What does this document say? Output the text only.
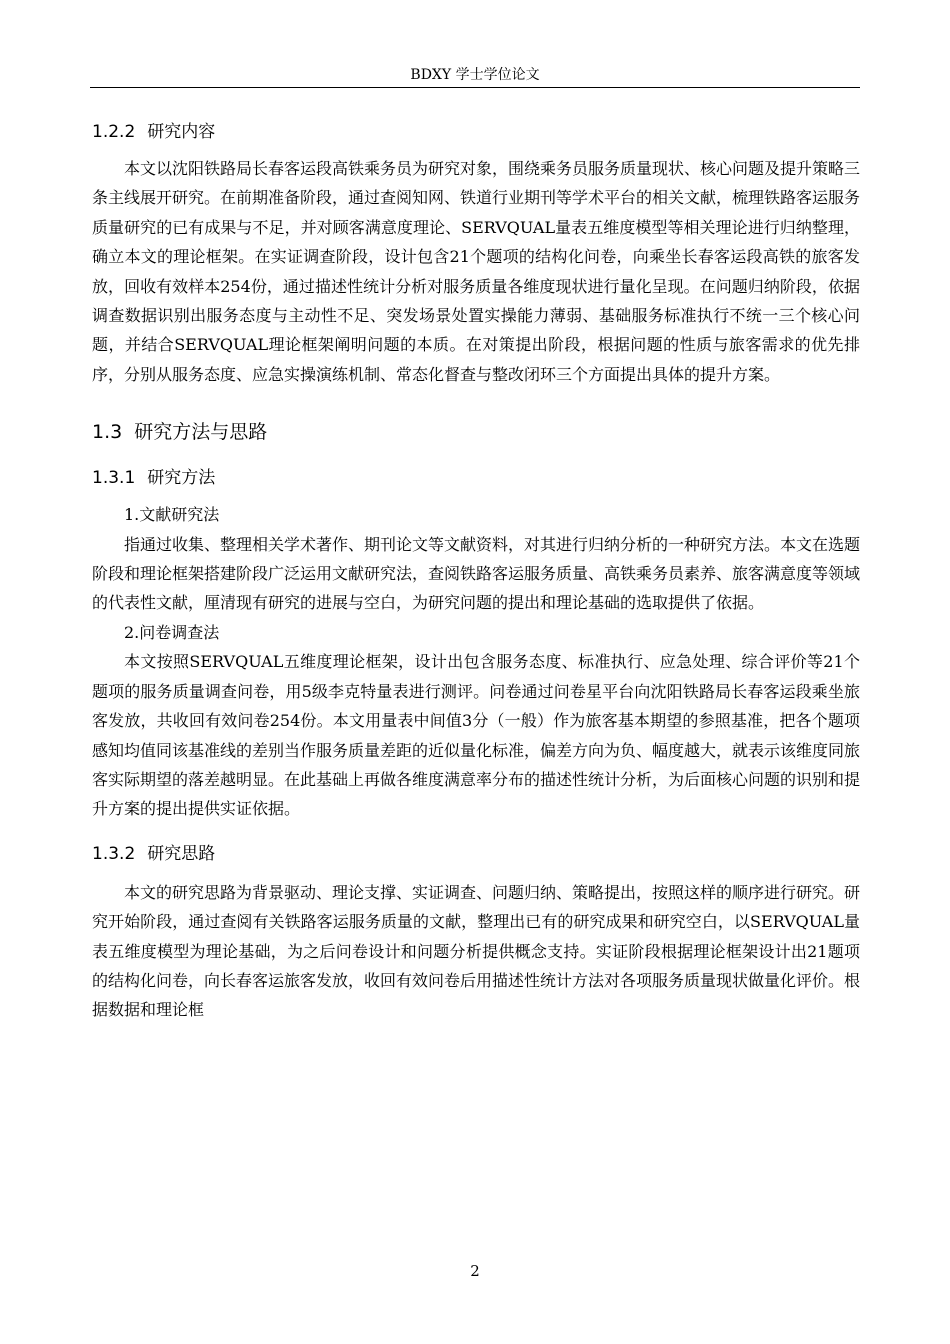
BDXY 学士学位论文
1.2.2 研究内容

本文以沈阳铁路局长春客运段高铁乘务员为研究对象，围绕乘务员服务质量现状、核心问题及提升策略三条主线展开研究。在前期准备阶段，通过查阅知网、铁道行业期刊等学术平台的相关文献，梳理铁路客运服务质量研究的已有成果与不足，并对顾客满意度理论、SERVQUAL量表五维度模型等相关理论进行归纳整理，确立本文的理论框架。在实证调查阶段，设计包含21个题项的结构化问卷，向乘坐长春客运段高铁的旅客发放，回收有效样本254份，通过描述性统计分析对服务质量各维度现状进行量化呈现。在问题归纳阶段，依据调查数据识别出服务态度与主动性不足、突发场景处置实操能力薄弱、基础服务标准执行不统一三个核心问题，并结合SERVQUAL理论框架阐明问题的本质。在对策提出阶段，根据问题的性质与旅客需求的优先排序，分别从服务态度、应急实操演练机制、常态化督查与整改闭环三个方面提出具体的提升方案。

1.3 研究方法与思路
1.3.1 研究方法

1.文献研究法

指通过收集、整理相关学术著作、期刊论文等文献资料，对其进行归纳分析的一种研究方法。本文在选题阶段和理论框架搭建阶段广泛运用文献研究法，查阅铁路客运服务质量、高铁乘务员素养、旅客满意度等领域的代表性文献，厘清现有研究的进展与空白，为研究问题的提出和理论基础的选取提供了依据。

2.问卷调查法

本文按照SERVQUAL五维度理论框架，设计出包含服务态度、标准执行、应急处理、综合评价等21个题项的服务质量调查问卷，用5级李克特量表进行测评。问卷通过问卷星平台向沈阳铁路局长春客运段乘坐旅客发放，共收回有效问卷254份。本文用量表中间值3分（一般）作为旅客基本期望的参照基准，把各个题项感知均值同该基准线的差别当作服务质量差距的近似量化标准，偏差方向为负、幅度越大，就表示该维度同旅客实际期望的落差越明显。在此基础上再做各维度满意率分布的描述性统计分析，为后面核心问题的识别和提升方案的提出提供实证依据。

1.3.2 研究思路

本文的研究思路为背景驱动、理论支撑、实证调查、问题归纳、策略提出，按照这样的顺序进行研究。研究开始阶段，通过查阅有关铁路客运服务质量的文献，整理出已有的研究成果和研究空白，以SERVQUAL量表五维度模型为理论基础，为之后问卷设计和问题分析提供概念支持。实证阶段根据理论框架设计出21题项的结构化问卷，向长春客运旅客发放，收回有效问卷后用描述性统计方法对各项服务质量现状做量化评价。根据数据和理论框

2
